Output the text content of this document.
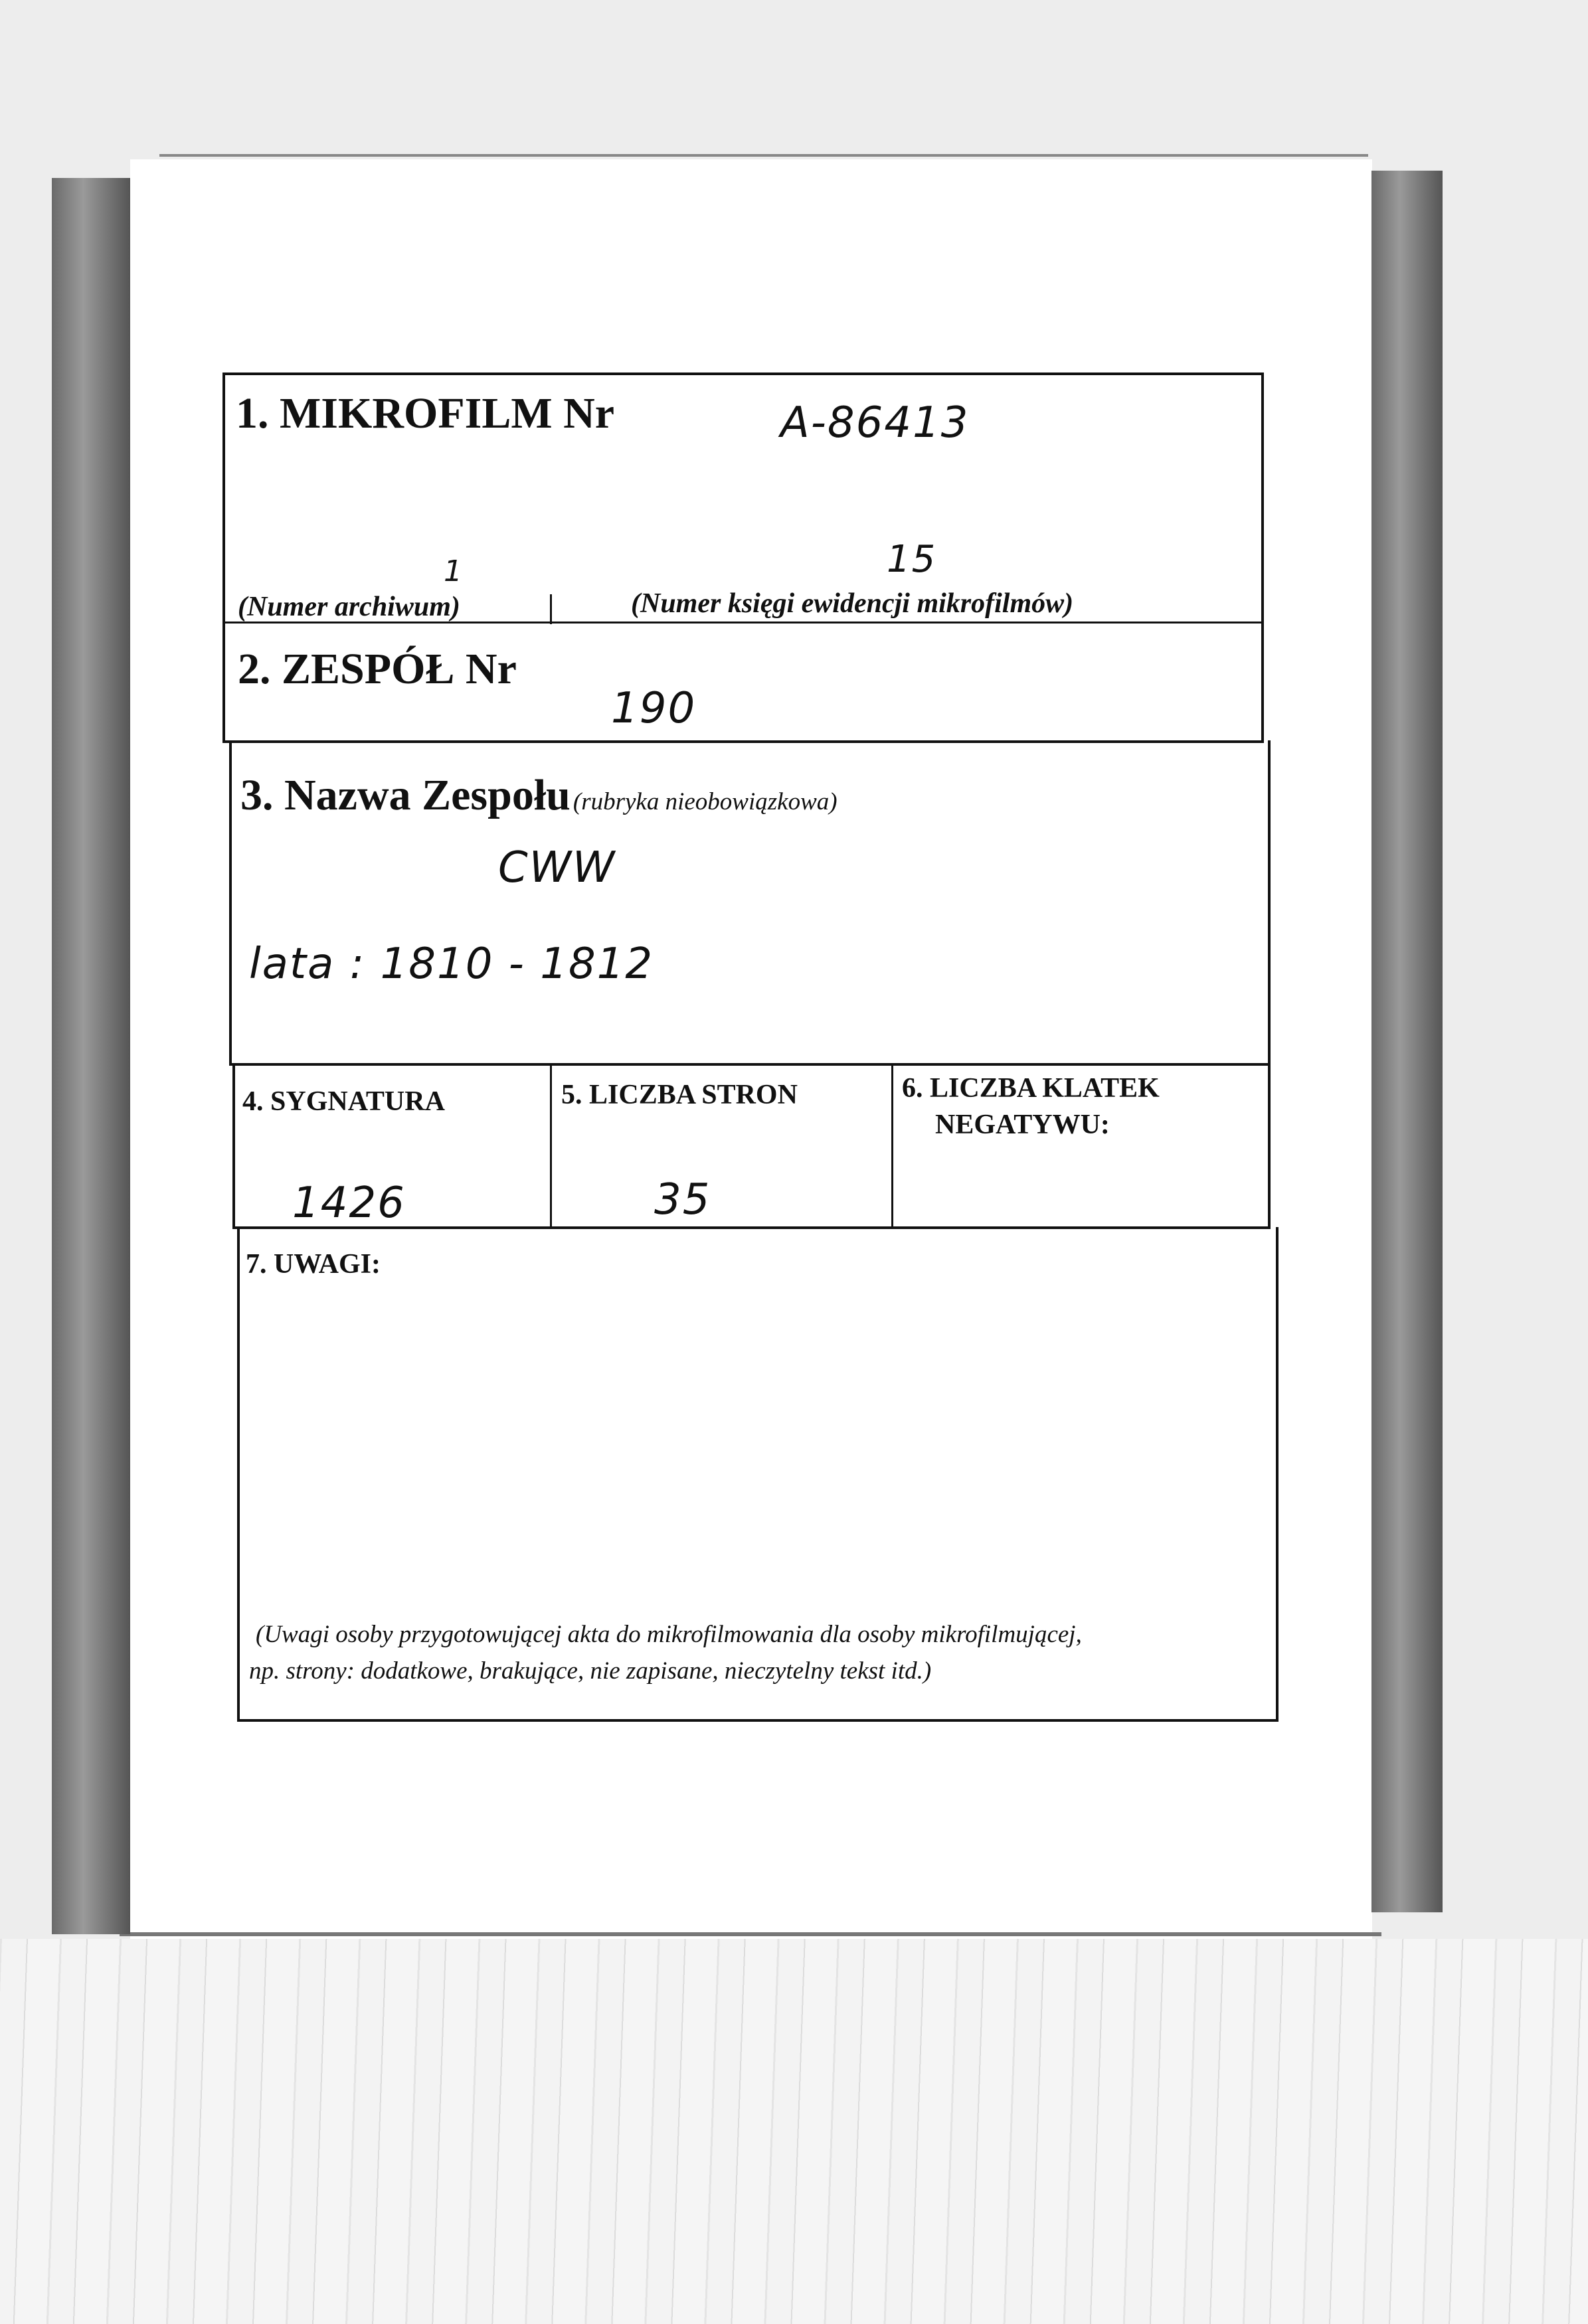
1. MIKROFILM Nr	A-86413
1	15
(Numer archiwum)	(Numer księgi ewidencji mikrofilmów)
2. ZESPÓŁ Nr
190
3. Nazwa Zespołu (rubryka nieobowiązkowa)
CWW
lata : 1810 - 1812
4. SYGNATURA
1426
5. LICZBA STRON
35
6. LICZBA KLATEK
NEGATYWU:
7. UWAGI:
(Uwagi osoby przygotowującej akta do mikrofilmowania dla osoby mikrofilmującej,
np. strony: dodatkowe, brakujące, nie zapisane, nieczytelny tekst itd.)
